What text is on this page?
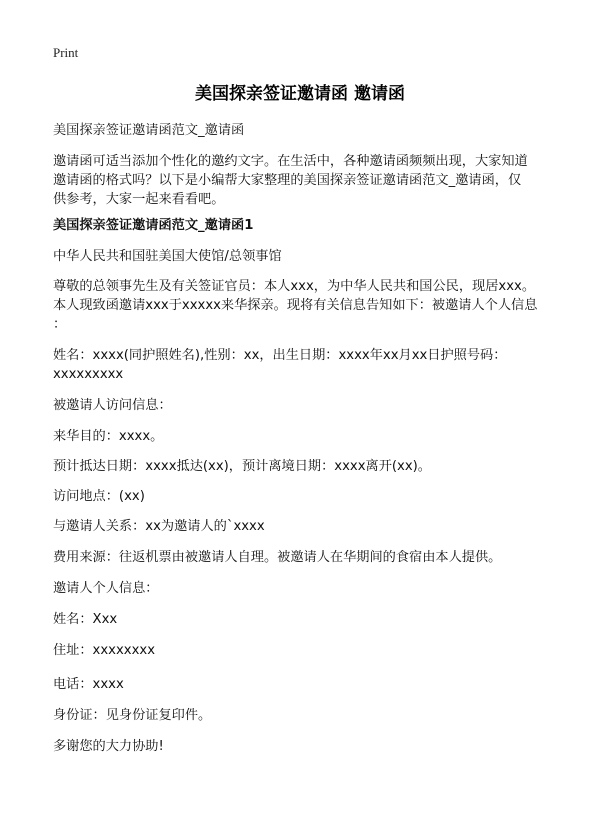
Print
美国探亲签证邀请函 邀请函
美国探亲签证邀请函范文_邀请函
邀请函可适当添加个性化的邀约文字。在生活中，各种邀请函频频出现，大家知道
邀请函的格式吗？以下是小编帮大家整理的美国探亲签证邀请函范文_邀请函，仅
供参考，大家一起来看看吧。
美国探亲签证邀请函范文_邀请函1
中华人民共和国驻美国大使馆/总领事馆
尊敬的总领事先生及有关签证官员：本人xxx，为中华人民共和国公民，现居xxx。
本人现致函邀请xxx于xxxxx来华探亲。现将有关信息告知如下：被邀请人个人信息
：
姓名：xxxx(同护照姓名),性别：xx，出生日期：xxxx年xx月xx日护照号码：
xxxxxxxxx
被邀请人访问信息：
来华目的：xxxx。
预计抵达日期：xxxx抵达(xx)，预计离境日期：xxxx离开(xx)。
访问地点：(xx)
与邀请人关系：xx为邀请人的`xxxx
费用来源：往返机票由被邀请人自理。被邀请人在华期间的食宿由本人提供。
邀请人个人信息：
姓名：Xxx
住址：xxxxxxxx
电话：xxxx
身份证：见身份证复印件。
多谢您的大力协助!
